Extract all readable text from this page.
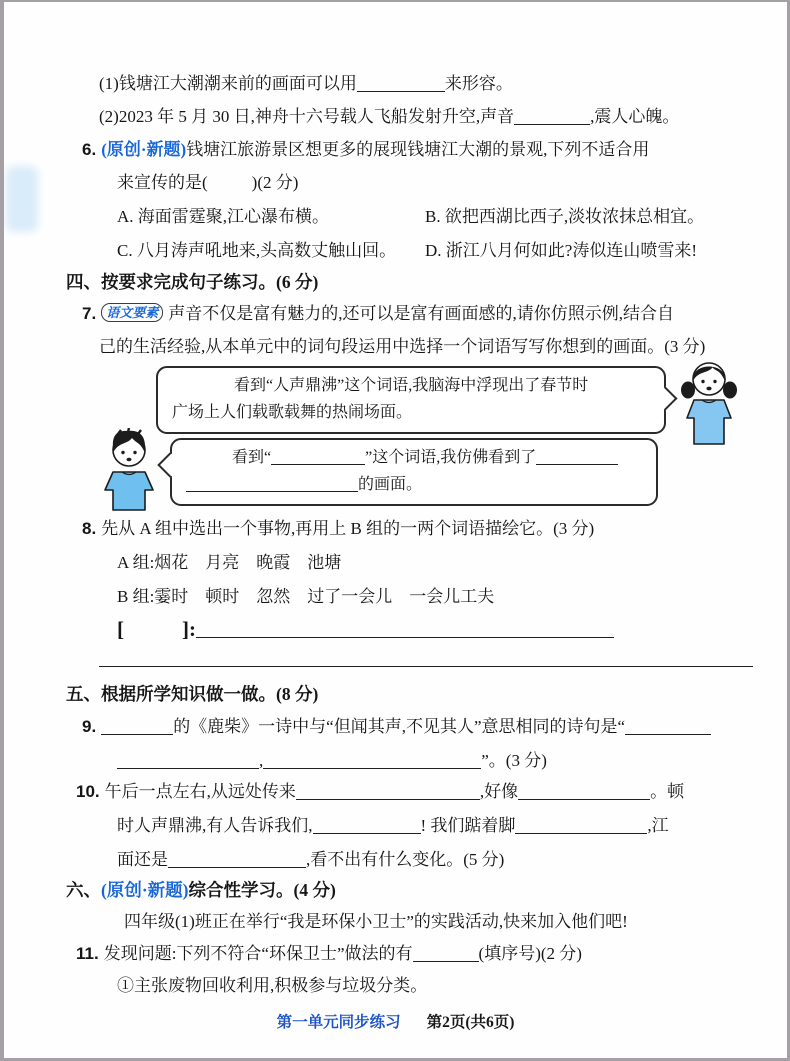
(1)钱塘江大潮潮来前的画面可以用	来形容。
(2)2023 年 5 月 30 日,神舟十六号载人飞船发射升空,声音	,震人心魄。
6. (原创·新题)钱塘江旅游景区想更多的展现钱塘江大潮的景观,下列不适合用
来宣传的是(	)(2 分)
A. 海面雷霆聚,江心瀑布横。	B. 欲把西湖比西子,淡妆浓抹总相宜。
C. 八月涛声吼地来,头高数丈触山回。 D. 浙江八月何如此?涛似连山喷雪来!
四、按要求完成句子练习。(6 分)
7. 语文要素 声音不仅是富有魅力的,还可以是富有画面感的,请你仿照示例,结合自
己的生活经验,从本单元中的词句段运用中选择一个词语写写你想到的画面。(3 分)

看到“人声鼎沸”这个词语,我脑海中浮现出了春节时

广场上人们载歌载舞的热闹场面。

看到“	”这个词语,我仿佛看到了

的画面。

8. 先从 A 组中选出一个事物,再用上 B 组的一两个词语描绘它。(3 分)
A 组:烟花　月亮　晚霞　池塘
B 组:霎时　顿时　忽然　过了一会儿　一会儿工夫
[	]:
五、根据所学知识做一做。(8 分)
9.	的《鹿柴》一诗中与“但闻其声,不见其人”意思相同的诗句是“
,	”。(3 分)
10. 午后一点左右,从远处传来	,好像	。顿
时人声鼎沸,有人告诉我们,	! 我们踮着脚	,江
面还是	,看不出有什么变化。(5 分)
六、(原创·新题)综合性学习。(4 分)
四年级(1)班正在举行“我是环保小卫士”的实践活动,快来加入他们吧!
11. 发现问题:下列不符合“环保卫士”做法的有	(填序号)(2 分)
①主张废物回收利用,积极参与垃圾分类。
第一单元同步练习 第2页(共6页)
